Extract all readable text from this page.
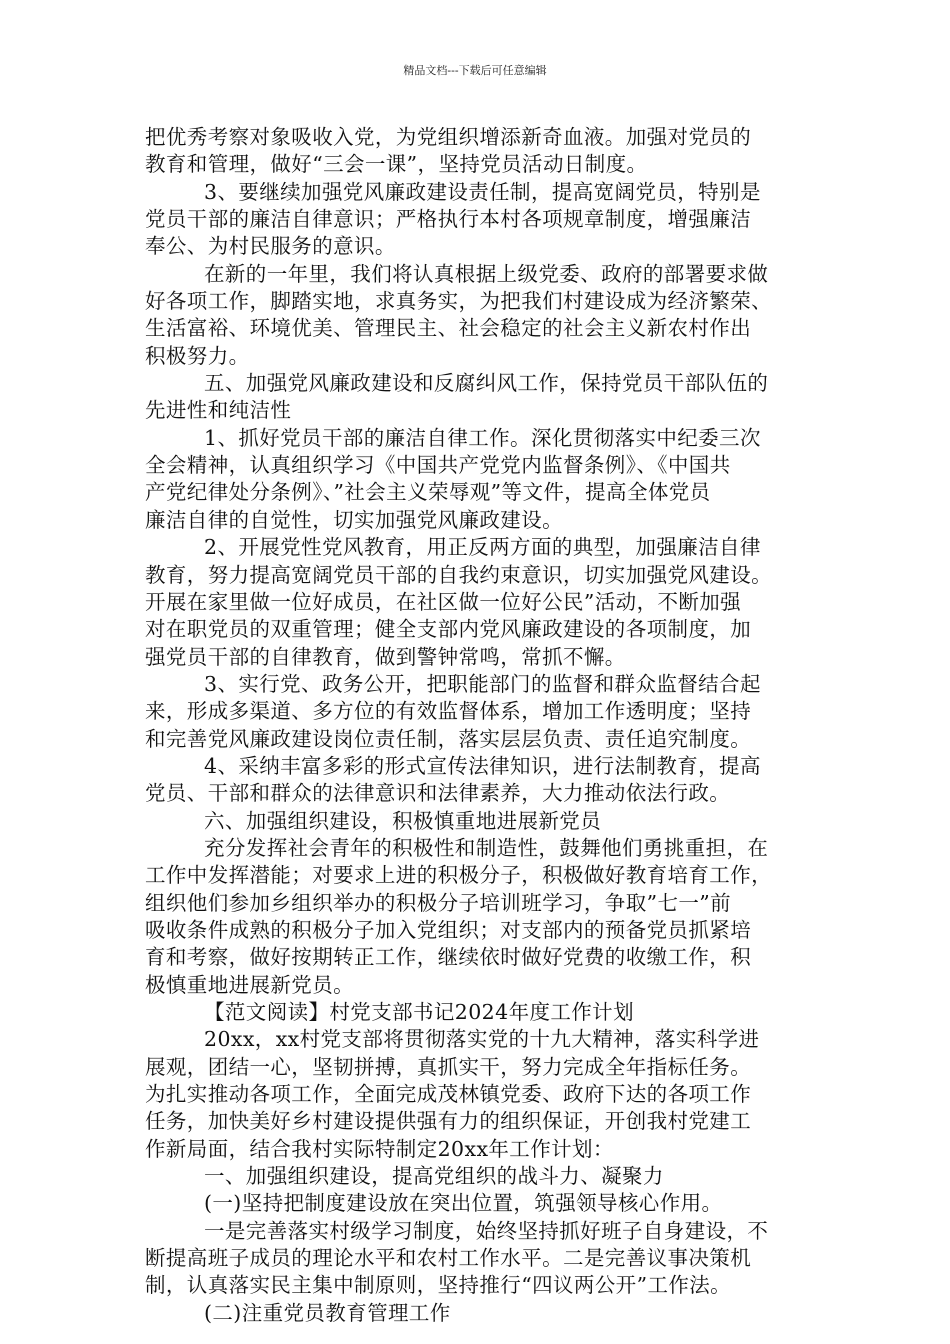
精品文档---下载后可任意编辑
把优秀考察对象吸收入党，为党组织增添新奇血液。加强对党员的
教育和管理，做好“三会一课”，坚持党员活动日制度。
3、要继续加强党风廉政建设责任制，提高宽阔党员，特别是
党员干部的廉洁自律意识；严格执行本村各项规章制度，增强廉洁
奉公、为村民服务的意识。
在新的一年里，我们将认真根据上级党委、政府的部署要求做
好各项工作，脚踏实地，求真务实，为把我们村建设成为经济繁荣、
生活富裕、环境优美、管理民主、社会稳定的社会主义新农村作出
积极努力。
五、加强党风廉政建设和反腐纠风工作，保持党员干部队伍的
先进性和纯洁性
1、抓好党员干部的廉洁自律工作。深化贯彻落实中纪委三次
全会精神，认真组织学习《中国共产党党内监督条例》、《中国共
产党纪律处分条例》、”社会主义荣辱观”等文件，提高全体党员
廉洁自律的自觉性，切实加强党风廉政建设。
2、开展党性党风教育，用正反两方面的典型，加强廉洁自律
教育，努力提高宽阔党员干部的自我约束意识，切实加强党风建设。
开展在家里做一位好成员，在社区做一位好公民”活动，不断加强
对在职党员的双重管理；健全支部内党风廉政建设的各项制度，加
强党员干部的自律教育，做到警钟常鸣，常抓不懈。
3、实行党、政务公开，把职能部门的监督和群众监督结合起
来，形成多渠道、多方位的有效监督体系，增加工作透明度；坚持
和完善党风廉政建设岗位责任制，落实层层负责、责任追究制度。
4、采纳丰富多彩的形式宣传法律知识，进行法制教育，提高
党员、干部和群众的法律意识和法律素养，大力推动依法行政。
六、加强组织建设，积极慎重地进展新党员
充分发挥社会青年的积极性和制造性，鼓舞他们勇挑重担，在
工作中发挥潜能；对要求上进的积极分子，积极做好教育培育工作，
组织他们参加乡组织举办的积极分子培训班学习，争取”七一”前
吸收条件成熟的积极分子加入党组织；对支部内的预备党员抓紧培
育和考察，做好按期转正工作，继续依时做好党费的收缴工作，积
极慎重地进展新党员。
【范文阅读】村党支部书记2024年度工作计划
20xx，xx村党支部将贯彻落实党的十九大精神，落实科学进
展观，团结一心，坚韧拼搏，真抓实干，努力完成全年指标任务。
为扎实推动各项工作，全面完成茂林镇党委、政府下达的各项工作
任务，加快美好乡村建设提供强有力的组织保证，开创我村党建工
作新局面，结合我村实际特制定20xx年工作计划：
一、加强组织建设，提高党组织的战斗力、凝聚力
(一)坚持把制度建设放在突出位置，筑强领导核心作用。
一是完善落实村级学习制度，始终坚持抓好班子自身建设，不
断提高班子成员的理论水平和农村工作水平。二是完善议事决策机
制，认真落实民主集中制原则，坚持推行“四议两公开”工作法。
(二)注重党员教育管理工作
